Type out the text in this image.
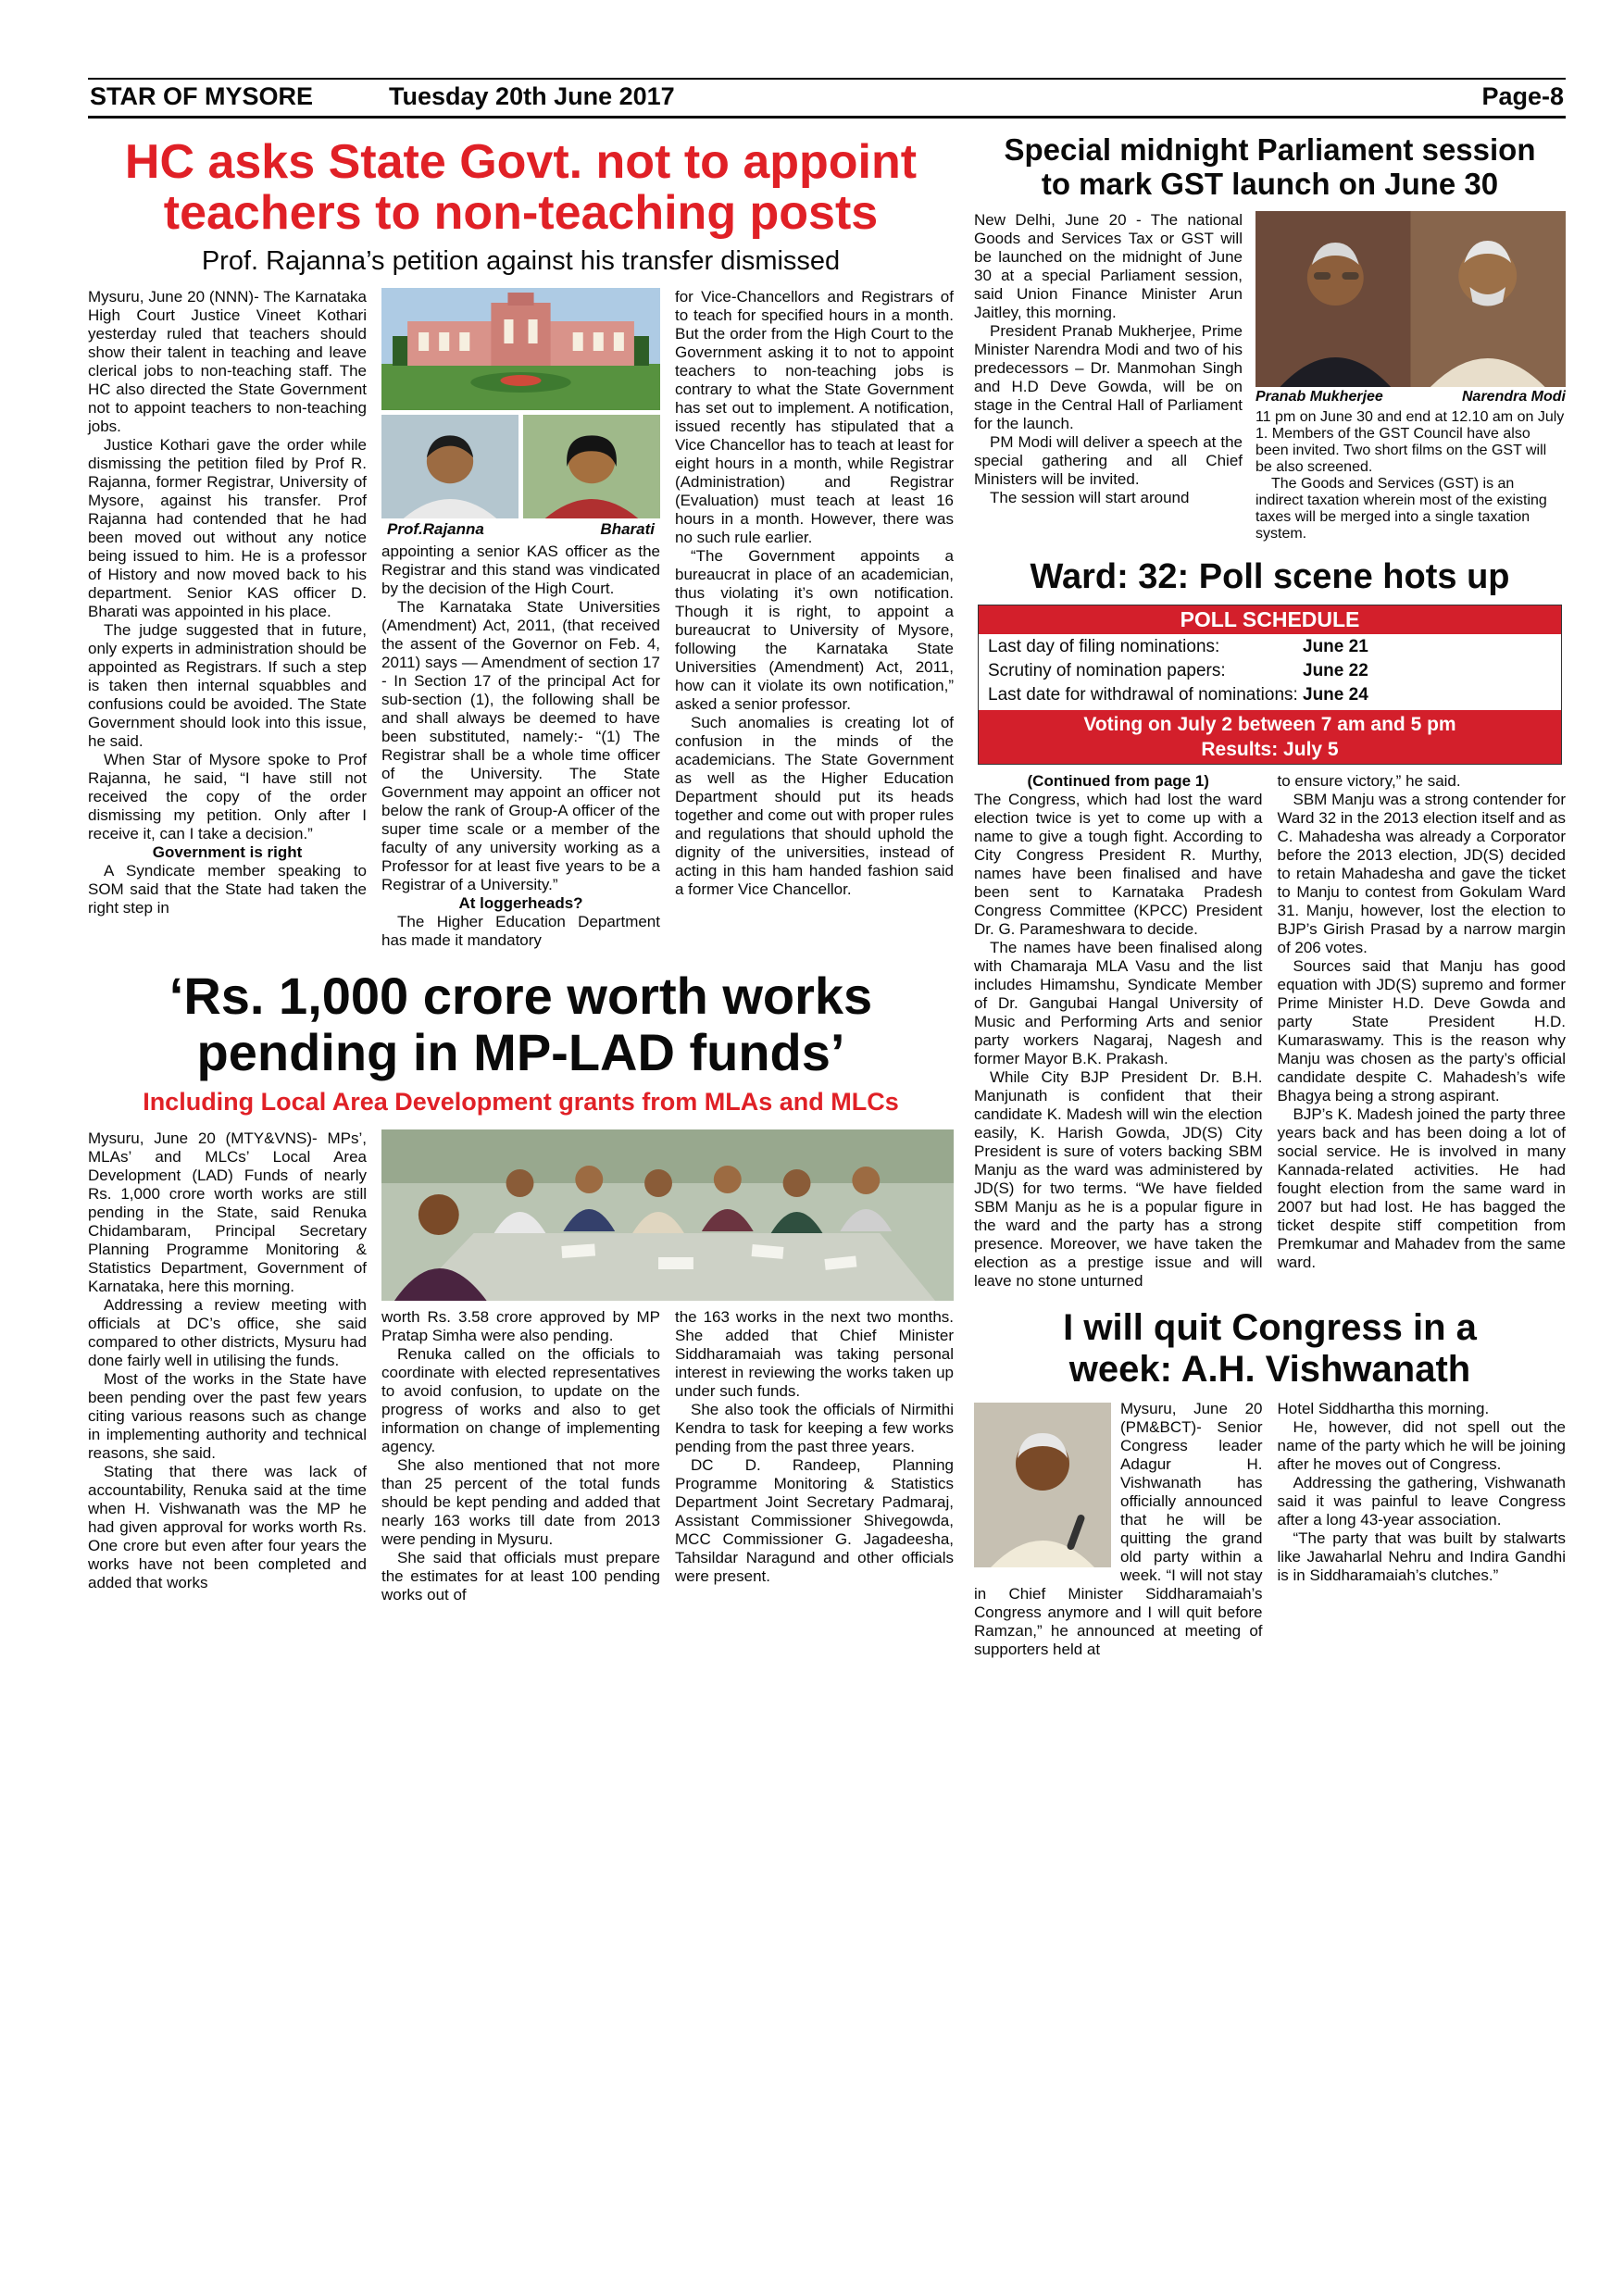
STAR OF MYSORE	Tuesday 20th June 2017	Page-8
HC asks State Govt. not to appoint
teachers to non-teaching posts
Prof. Rajanna’s petition against his transfer dismissed

Mysuru, June 20 (NNN)- The Karnataka High Court Justice Vineet Kothari yesterday ruled that teachers should show their talent in teaching and leave clerical jobs to non-teaching staff. The HC also directed the State Government not to appoint teachers to non-teaching jobs.

Justice Kothari gave the order while dismissing the petition filed by Prof R. Rajanna, former Registrar, University of Mysore, against his transfer. Prof Rajanna had contended that he had been moved out without any notice being issued to him. He is a professor of History and now moved back to his department. Senior KAS officer D. Bharati was appointed in his place.

The judge suggested that in future, only experts in administration should be appointed as Registrars. If such a step is taken then internal squabbles and confusions could be avoided. The State Government should look into this issue, he said.

When Star of Mysore spoke to Prof Rajanna, he said, “I have still not received the copy of the order dismissing my petition. Only after I receive it, can I take a decision.”

Government is right

A Syndicate member speaking to SOM said that the State had taken the right step in

Prof.Rajanna	Bharati

appointing a senior KAS officer as the Registrar and this stand was vindicated by the decision of the High Court.

The Karnataka State Universities (Amendment) Act, 2011, (that received the assent of the Governor on Feb. 4, 2011) says — Amendment of section 17 - In Section 17 of the principal Act for sub-section (1), the following shall be and shall always be deemed to have been substituted, namely:- “(1) The Registrar shall be a whole time officer of the University. The State Government may appoint an officer not below the rank of Group-A officer of the super time scale or a member of the faculty of any university working as a Professor for at least five years to be a Registrar of a University.”

At loggerheads?

The Higher Education Department has made it mandatory

for Vice-Chancellors and Registrars of to teach for specified hours in a month. But the order from the High Court to the Government asking it to not to appoint teachers to non-teaching jobs is contrary to what the State Government has set out to implement. A notification, issued recently has stipulated that a Vice Chancellor has to teach at least for eight hours in a month, while Registrar (Administration) and Registrar (Evaluation) must teach at least 16 hours in a month. However, there was no such rule earlier.

“The Government appoints a bureaucrat in place of an academician, thus violating it’s own notification. Though it is right, to appoint a bureaucrat to University of Mysore, following the Karnataka State Universities (Amendment) Act, 2011, how can it violate its own notification,” asked a senior professor.

Such anomalies is creating lot of confusion in the minds of the academicians. The State Government as well as the Higher Education Department should put its heads together and come out with proper rules and regulations that should uphold the dignity of the universities, instead of acting in this ham handed fashion said a former Vice Chancellor.

‘Rs. 1,000 crore worth works
pending in MP-LAD funds’
Including Local Area Development grants from MLAs and MLCs

Mysuru, June 20 (MTY&VNS)- MPs’, MLAs’ and MLCs’ Local Area Development (LAD) Funds of nearly Rs. 1,000 crore worth works are still pending in the State, said Renuka Chidambaram, Principal Secretary Planning Programme Monitoring & Statistics Department, Government of Karnataka, here this morning.

Addressing a review meeting with officials at DC’s office, she said compared to other districts, Mysuru had done fairly well in utilising the funds.

Most of the works in the State have been pending over the past few years citing various reasons such as change in implementing authority and technical reasons, she said.

Stating that there was lack of accountability, Renuka said at the time when H. Vishwanath was the MP he had given approval for works worth Rs. One crore but even after four years the works have not been completed and added that works

worth Rs. 3.58 crore approved by MP Pratap Simha were also pending.

Renuka called on the officials to coordinate with elected representatives to avoid confusion, to update on the progress of works and also to get information on change of implementing agency.

She also mentioned that not more than 25 percent of the total funds should be kept pending and added that nearly 163 works till date from 2013 were pending in Mysuru.

She said that officials must prepare the estimates for at least 100 pending works out of

the 163 works in the next two months. She added that Chief Minister Siddharamaiah was taking personal interest in reviewing the works taken up under such funds.

She also took the officials of Nirmithi Kendra to task for keeping a few works pending from the past three years.

DC D. Randeep, Planning Programme Monitoring & Statistics Department Joint Secretary Padmaraj, Assistant Commissioner Shivegowda, MCC Commissioner G. Jagadeesha, Tahsildar Naragund and other officials were present.

Special midnight Parliament session
to mark GST launch on June 30

New Delhi, June 20 - The national Goods and Services Tax or GST will be launched on the midnight of June 30 at a special Parliament session, said Union Finance Minister Arun Jaitley, this morning.

President Pranab Mukherjee, Prime Minister Narendra Modi and two of his predecessors – Dr. Manmohan Singh and H.D Deve Gowda, will be on stage in the Central Hall of Parliament for the launch.

PM Modi will deliver a speech at the special gathering and all Chief Ministers will be invited.

The session will start around

Pranab Mukherjee	Narendra Modi

11 pm on June 30 and end at 12.10 am on July 1. Members of the GST Council have also been invited. Two short films on the GST will be also screened.

The Goods and Services (GST) is an indirect taxation wherein most of the existing taxes will be merged into a single taxation system.

Ward: 32: Poll scene hots up
POLL SCHEDULE
Last day of filing nominations:	June 21
Scrutiny of nomination papers:	June 22
Last date for withdrawal of nominations: June 24
Voting on July 2 between 7 am and 5 pm
Results: July 5

(Continued from page 1)

The Congress, which had lost the ward election twice is yet to come up with a name to give a tough fight. According to City Congress President R. Murthy, names have been finalised and have been sent to Karnataka Pradesh Congress Committee (KPCC) President Dr. G. Parameshwara to decide.

The names have been finalised along with Chamaraja MLA Vasu and the list includes Himamshu, Syndicate Member of Dr. Gangubai Hangal University of Music and Performing Arts and senior party workers Nagaraj, Nagesh and former Mayor B.K. Prakash.

While City BJP President Dr. B.H. Manjunath is confident that their candidate K. Madesh will win the election easily, K. Harish Gowda, JD(S) City President is sure of voters backing SBM Manju as the ward was administered by JD(S) for two terms. “We have fielded SBM Manju as he is a popular figure in the ward and the party has a strong presence. Moreover, we have taken the election as a prestige issue and will leave no stone unturned

to ensure victory,” he said.

SBM Manju was a strong contender for Ward 32 in the 2013 election itself and as C. Mahadesha was already a Corporator before the 2013 election, JD(S) decided to retain Mahadesha and gave the ticket to Manju to contest from Gokulam Ward 31. Manju, however, lost the election to BJP’s Girish Prasad by a narrow margin of 206 votes.

Sources said that Manju has good equation with JD(S) supremo and former Prime Minister H.D. Deve Gowda and party State President H.D. Kumaraswamy. This is the reason why Manju was chosen as the party’s official candidate despite C. Mahadesh’s wife Bhagya being a strong aspirant.

BJP’s K. Madesh joined the party three years back and has been doing a lot of social service. He is involved in many Kannada-related activities. He had fought election from the same ward in 2007 but had lost. He has bagged the ticket despite stiff competition from Premkumar and Mahadev from the same ward.

I will quit Congress in a
week: A.H. Vishwanath

Mysuru, June 20 (PM&BCT)- Senior Congress leader Adagur H. Vishwanath has officially announced that he will be quitting the grand old party within a week. “I will not stay in Chief Minister Siddharamaiah’s Congress anymore and I will quit before Ramzan,” he announced at meeting of supporters held at

Hotel Siddhartha this morning.

He, however, did not spell out the name of the party which he will be joining after he moves out of Congress.

Addressing the gathering, Vishwanath said it was painful to leave Congress after a long 43-year association.

“The party that was built by stalwarts like Jawaharlal Nehru and Indira Gandhi is in Siddharamaiah’s clutches.”
